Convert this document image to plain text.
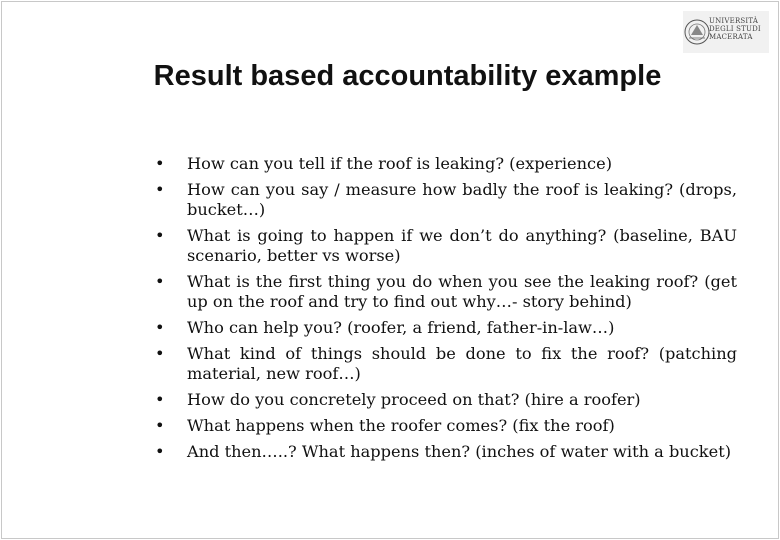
UNIVERSITÀ
DEGLI STUDI
MACERATA
Result based accountability example
• How can you tell if the roof is leaking? (experience)
• How can you say / measure how badly the roof is leaking? (drops, bucket…)
• What is going to happen if we don’t do anything? (baseline, BAU scenario, better vs worse)
• What is the first thing you do when you see the leaking roof? (get up on the roof and try to find out why…- story behind)
• Who can help you? (roofer, a friend, father-in-law…)
• What kind of things should be done to fix the roof? (patching material, new roof…)
• How do you concretely proceed on that? (hire a roofer)
• What happens when the roofer comes? (fix the roof)
• And then…..? What happens then? (inches of water with a bucket)
